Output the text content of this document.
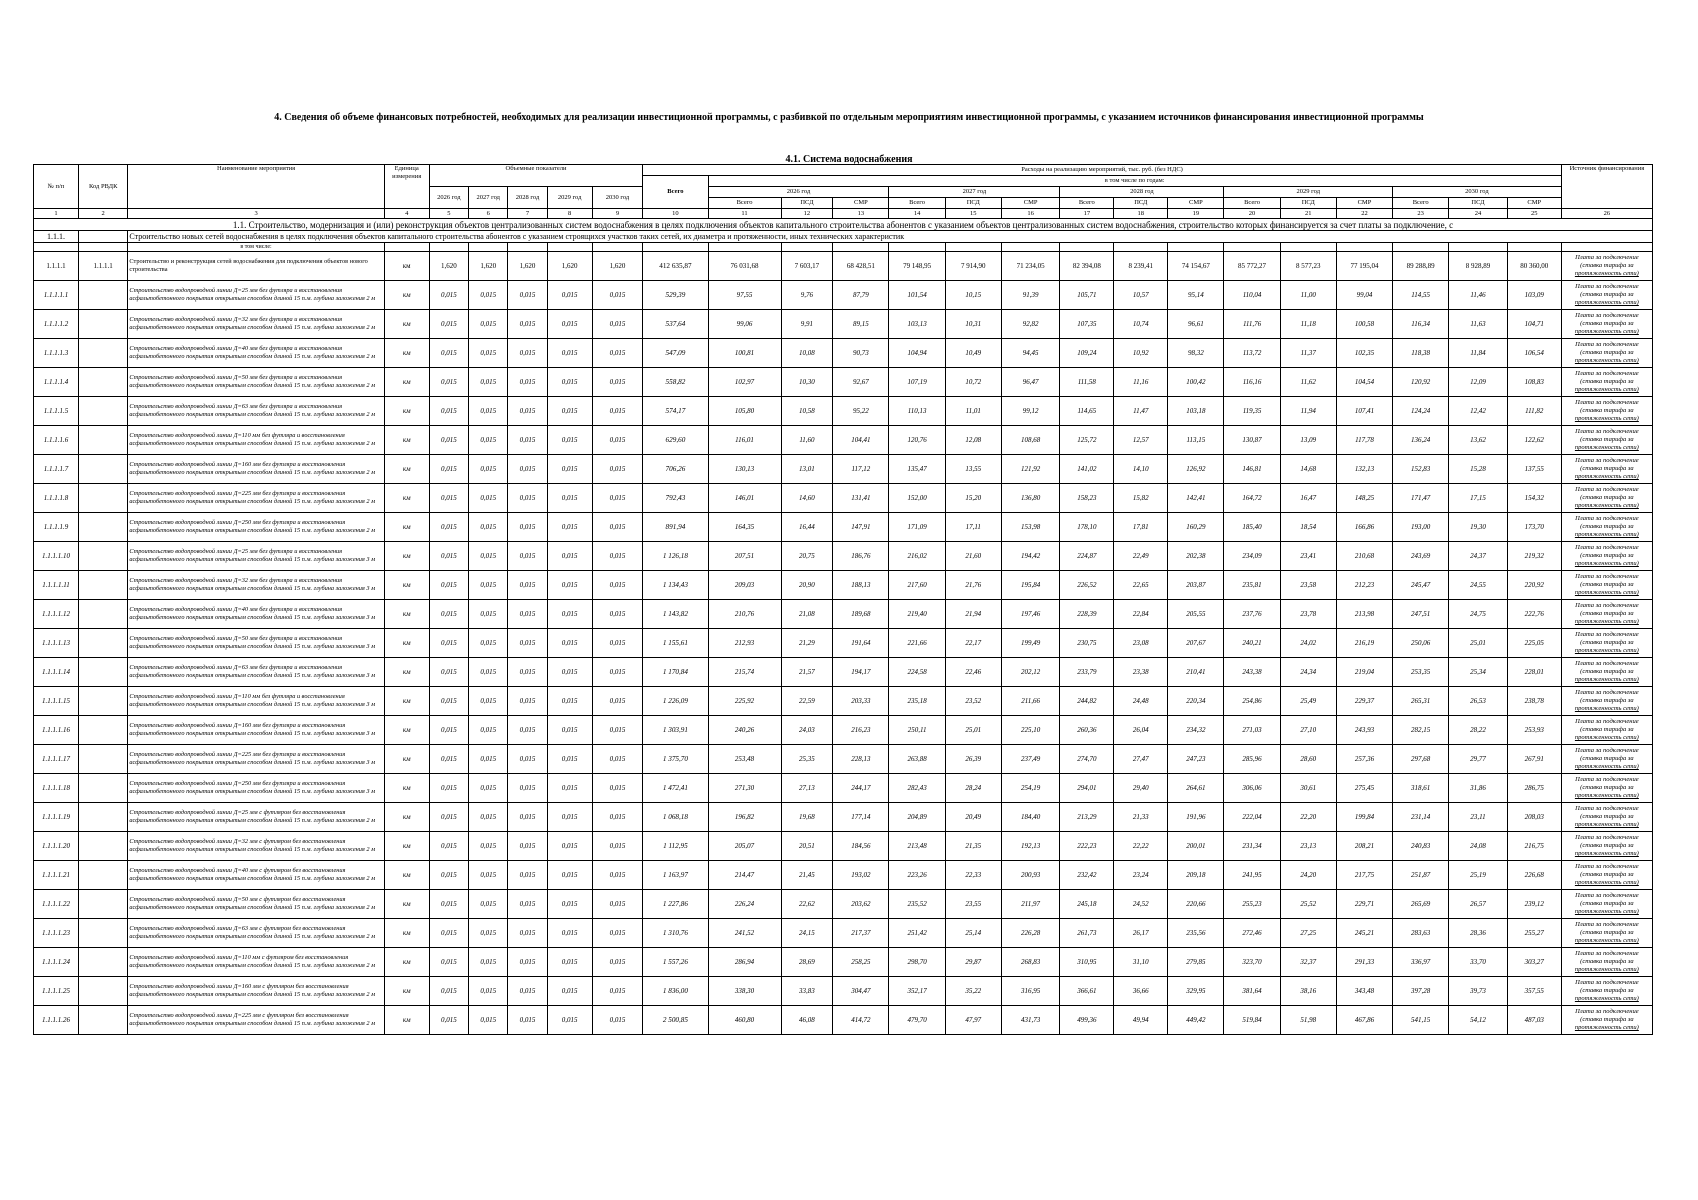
4. Сведения об объеме финансовых потребностей, необходимых для реализации инвестиционной программы, с разбивкой по отдельным мероприятиям инвестиционной программы, с указанием источников финансирования инвестиционной программы
4.1. Система водоснабжения
№ п/п	Код РВДК	Наименование мероприятия	Единица измерения	Объемные показатели					Расходы на реализацию мероприятий, тыс. руб. (без НДС)																Источник финансирования
									Всего	в том числе по годам:															
				2026 год	2027 год	2028 год	2029 год	2030 год		2026 год			2027 год			2028 год			2029 год			2030 год			
										Всего	ПСД	СМР	Всего	ПСД	СМР	Всего	ПСД	СМР	Всего	ПСД	СМР	Всего	ПСД	СМР	
1	2	3	4	5	6	7	8	9	10	11	12	13	14	15	16	17	18	19	20	21	22	23	24	25	26
1.1. Строительство, модернизация и (или) реконструкция объектов централизованных систем водоснабжения в целях подключения объектов капитального строительства абонентов с указанием объектов централизованных систем водоснабжения, строительство которых финансируется за счет платы за подключение, с																									
1.1.1.		Строительство новых сетей водоснабжения в целях подключения объектов капитального строительства абонентов с указанием строящихся участков таких сетей, их диаметра и протяженности, иных технических характеристик																							
		в том числе:																							
1.1.1.1	1.1.1.1	Строительство и реконструкция сетей водоснабжения для подключения объектов нового строительства	км	1,620	1,620	1,620	1,620	1,620	412 635,87	76 031,68	7 603,17	68 428,51	79 148,95	7 914,90	71 234,05	82 394,08	8 239,41	74 154,67	85 772,27	8 577,23	77 195,04	89 288,89	8 928,89	80 360,00	Плата за подключение
(ставка тарифа за
протяженность сети)

1.1.1.1.1		Строительство водопроводной линии Д=25 мм без футляра и восстановления асфальтобетонного покрытия открытым способом длиной 15 п.м. глубина заложения 2 м	км	0,015	0,015	0,015	0,015	0,015	529,39	97,55	9,76	87,79	101,54	10,15	91,39	105,71	10,57	95,14	110,04	11,00	99,04	114,55	11,46	103,09	Плата за подключение
(ставка тарифа за
протяженность сети)

1.1.1.1.2		Строительство водопроводной линии Д=32 мм без футляра и восстановления асфальтобетонного покрытия открытым способом длиной 15 п.м. глубина заложения 2 м	км	0,015	0,015	0,015	0,015	0,015	537,64	99,06	9,91	89,15	103,13	10,31	92,82	107,35	10,74	96,61	111,76	11,18	100,58	116,34	11,63	104,71	Плата за подключение
(ставка тарифа за
протяженность сети)

1.1.1.1.3		Строительство водопроводной линии Д=40 мм без футляра и восстановления асфальтобетонного покрытия открытым способом длиной 15 п.м. глубина заложения 2 м	км	0,015	0,015	0,015	0,015	0,015	547,09	100,81	10,08	90,73	104,94	10,49	94,45	109,24	10,92	98,32	113,72	11,37	102,35	118,38	11,84	106,54	Плата за подключение
(ставка тарифа за
протяженность сети)

1.1.1.1.4		Строительство водопроводной линии Д=50 мм без футляра и восстановления асфальтобетонного покрытия открытым способом длиной 15 п.м. глубина заложения 2 м	км	0,015	0,015	0,015	0,015	0,015	558,82	102,97	10,30	92,67	107,19	10,72	96,47	111,58	11,16	100,42	116,16	11,62	104,54	120,92	12,09	108,83	Плата за подключение
(ставка тарифа за
протяженность сети)

1.1.1.1.5		Строительство водопроводной линии Д=63 мм без футляра и восстановления асфальтобетонного покрытия открытым способом длиной 15 п.м. глубина заложения 2 м	км	0,015	0,015	0,015	0,015	0,015	574,17	105,80	10,58	95,22	110,13	11,01	99,12	114,65	11,47	103,18	119,35	11,94	107,41	124,24	12,42	111,82	Плата за подключение
(ставка тарифа за
протяженность сети)

1.1.1.1.6		Строительство водопроводной линии Д=110 мм без футляра и восстановления асфальтобетонного покрытия открытым способом длиной 15 п.м. глубина заложения 2 м	км	0,015	0,015	0,015	0,015	0,015	629,60	116,01	11,60	104,41	120,76	12,08	108,68	125,72	12,57	113,15	130,87	13,09	117,78	136,24	13,62	122,62	Плата за подключение
(ставка тарифа за
протяженность сети)

1.1.1.1.7		Строительство водопроводной линии Д=160 мм без футляра и восстановления асфальтобетонного покрытия открытым способом длиной 15 п.м. глубина заложения 2 м	км	0,015	0,015	0,015	0,015	0,015	706,26	130,13	13,01	117,12	135,47	13,55	121,92	141,02	14,10	126,92	146,81	14,68	132,13	152,83	15,28	137,55	Плата за подключение
(ставка тарифа за
протяженность сети)

1.1.1.1.8		Строительство водопроводной линии Д=225 мм без футляра и восстановления асфальтобетонного покрытия открытым способом длиной 15 п.м. глубина заложения 2 м	км	0,015	0,015	0,015	0,015	0,015	792,43	146,01	14,60	131,41	152,00	15,20	136,80	158,23	15,82	142,41	164,72	16,47	148,25	171,47	17,15	154,32	Плата за подключение
(ставка тарифа за
протяженность сети)

1.1.1.1.9		Строительство водопроводной линии Д=250 мм без футляра и восстановления асфальтобетонного покрытия открытым способом длиной 15 п.м. глубина заложения 2 м	км	0,015	0,015	0,015	0,015	0,015	891,94	164,35	16,44	147,91	171,09	17,11	153,98	178,10	17,81	160,29	185,40	18,54	166,86	193,00	19,30	173,70	Плата за подключение
(ставка тарифа за
протяженность сети)

1.1.1.1.10		Строительство водопроводной линии Д=25 мм без футляра и восстановления асфальтобетонного покрытия открытым способом длиной 15 п.м. глубина заложения 3 м	км	0,015	0,015	0,015	0,015	0,015	1 126,18	207,51	20,75	186,76	216,02	21,60	194,42	224,87	22,49	202,38	234,09	23,41	210,68	243,69	24,37	219,32	Плата за подключение
(ставка тарифа за
протяженность сети)

1.1.1.1.11		Строительство водопроводной линии Д=32 мм без футляра и восстановления асфальтобетонного покрытия открытым способом длиной 15 п.м. глубина заложения 3 м	км	0,015	0,015	0,015	0,015	0,015	1 134,43	209,03	20,90	188,13	217,60	21,76	195,84	226,52	22,65	203,87	235,81	23,58	212,23	245,47	24,55	220,92	Плата за подключение
(ставка тарифа за
протяженность сети)

1.1.1.1.12		Строительство водопроводной линии Д=40 мм без футляра и восстановления асфальтобетонного покрытия открытым способом длиной 15 п.м. глубина заложения 3 м	км	0,015	0,015	0,015	0,015	0,015	1 143,82	210,76	21,08	189,68	219,40	21,94	197,46	228,39	22,84	205,55	237,76	23,78	213,98	247,51	24,75	222,76	Плата за подключение
(ставка тарифа за
протяженность сети)

1.1.1.1.13		Строительство водопроводной линии Д=50 мм без футляра и восстановления асфальтобетонного покрытия открытым способом длиной 15 п.м. глубина заложения 3 м	км	0,015	0,015	0,015	0,015	0,015	1 155,61	212,93	21,29	191,64	221,66	22,17	199,49	230,75	23,08	207,67	240,21	24,02	216,19	250,06	25,01	225,05	Плата за подключение
(ставка тарифа за
протяженность сети)

1.1.1.1.14		Строительство водопроводной линии Д=63 мм без футляра и восстановления асфальтобетонного покрытия открытым способом длиной 15 п.м. глубина заложения 3 м	км	0,015	0,015	0,015	0,015	0,015	1 170,84	215,74	21,57	194,17	224,58	22,46	202,12	233,79	23,38	210,41	243,38	24,34	219,04	253,35	25,34	228,01	Плата за подключение
(ставка тарифа за
протяженность сети)

1.1.1.1.15		Строительство водопроводной линии Д=110 мм без футляра и восстановления асфальтобетонного покрытия открытым способом длиной 15 п.м. глубина заложения 3 м	км	0,015	0,015	0,015	0,015	0,015	1 226,09	225,92	22,59	203,33	235,18	23,52	211,66	244,82	24,48	220,34	254,86	25,49	229,37	265,31	26,53	238,78	Плата за подключение
(ставка тарифа за
протяженность сети)

1.1.1.1.16		Строительство водопроводной линии Д=160 мм без футляра и восстановления асфальтобетонного покрытия открытым способом длиной 15 п.м. глубина заложения 3 м	км	0,015	0,015	0,015	0,015	0,015	1 303,91	240,26	24,03	216,23	250,11	25,01	225,10	260,36	26,04	234,32	271,03	27,10	243,93	282,15	28,22	253,93	Плата за подключение
(ставка тарифа за
протяженность сети)

1.1.1.1.17		Строительство водопроводной линии Д=225 мм без футляра и восстановления асфальтобетонного покрытия открытым способом длиной 15 п.м. глубина заложения 3 м	км	0,015	0,015	0,015	0,015	0,015	1 375,70	253,48	25,35	228,13	263,88	26,39	237,49	274,70	27,47	247,23	285,96	28,60	257,36	297,68	29,77	267,91	Плата за подключение
(ставка тарифа за
протяженность сети)

1.1.1.1.18		Строительство водопроводной линии Д=250 мм без футляра и восстановления асфальтобетонного покрытия открытым способом длиной 15 п.м. глубина заложения 3 м	км	0,015	0,015	0,015	0,015	0,015	1 472,41	271,30	27,13	244,17	282,43	28,24	254,19	294,01	29,40	264,61	306,06	30,61	275,45	318,61	31,86	286,75	Плата за подключение
(ставка тарифа за
протяженность сети)

1.1.1.1.19		Строительство водопроводной линии Д=25 мм с футляром без восстановления асфальтобетонного покрытия открытым способом длиной 15 п.м. глубина заложения 2 м	км	0,015	0,015	0,015	0,015	0,015	1 068,18	196,82	19,68	177,14	204,89	20,49	184,40	213,29	21,33	191,96	222,04	22,20	199,84	231,14	23,11	208,03	Плата за подключение
(ставка тарифа за
протяженность сети)

1.1.1.1.20		Строительство водопроводной линии Д=32 мм с футляром без восстановления асфальтобетонного покрытия открытым способом длиной 15 п.м. глубина заложения 2 м	км	0,015	0,015	0,015	0,015	0,015	1 112,95	205,07	20,51	184,56	213,48	21,35	192,13	222,23	22,22	200,01	231,34	23,13	208,21	240,83	24,08	216,75	Плата за подключение
(ставка тарифа за
протяженность сети)

1.1.1.1.21		Строительство водопроводной линии Д=40 мм с футляром без восстановления асфальтобетонного покрытия открытым способом длиной 15 п.м. глубина заложения 2 м	км	0,015	0,015	0,015	0,015	0,015	1 163,97	214,47	21,45	193,02	223,26	22,33	200,93	232,42	23,24	209,18	241,95	24,20	217,75	251,87	25,19	226,68	Плата за подключение
(ставка тарифа за
протяженность сети)

1.1.1.1.22		Строительство водопроводной линии Д=50 мм с футляром без восстановления асфальтобетонного покрытия открытым способом длиной 15 п.м. глубина заложения 2 м	км	0,015	0,015	0,015	0,015	0,015	1 227,86	226,24	22,62	203,62	235,52	23,55	211,97	245,18	24,52	220,66	255,23	25,52	229,71	265,69	26,57	239,12	Плата за подключение
(ставка тарифа за
протяженность сети)

1.1.1.1.23		Строительство водопроводной линии Д=63 мм с футляром без восстановления асфальтобетонного покрытия открытым способом длиной 15 п.м. глубина заложения 2 м	км	0,015	0,015	0,015	0,015	0,015	1 310,76	241,52	24,15	217,37	251,42	25,14	226,28	261,73	26,17	235,56	272,46	27,25	245,21	283,63	28,36	255,27	Плата за подключение
(ставка тарифа за
протяженность сети)

1.1.1.1.24		Строительство водопроводной линии Д=110 мм с футляром без восстановления асфальтобетонного покрытия открытым способом длиной 15 п.м. глубина заложения 2 м	км	0,015	0,015	0,015	0,015	0,015	1 557,26	286,94	28,69	258,25	298,70	29,87	268,83	310,95	31,10	279,85	323,70	32,37	291,33	336,97	33,70	303,27	Плата за подключение
(ставка тарифа за
протяженность сети)

1.1.1.1.25		Строительство водопроводной линии Д=160 мм с футляром без восстановления асфальтобетонного покрытия открытым способом длиной 15 п.м. глубина заложения 2 м	км	0,015	0,015	0,015	0,015	0,015	1 836,00	338,30	33,83	304,47	352,17	35,22	316,95	366,61	36,66	329,95	381,64	38,16	343,48	397,28	39,73	357,55	Плата за подключение
(ставка тарифа за
протяженность сети)

1.1.1.1.26		Строительство водопроводной линии Д=225 мм с футляром без восстановления асфальтобетонного покрытия открытым способом длиной 15 п.м. глубина заложения 2 м	км	0,015	0,015	0,015	0,015	0,015	2 500,85	460,80	46,08	414,72	479,70	47,97	431,73	499,36	49,94	449,42	519,84	51,98	467,86	541,15	54,12	487,03	Плата за подключение
(ставка тарифа за
протяженность сети)
